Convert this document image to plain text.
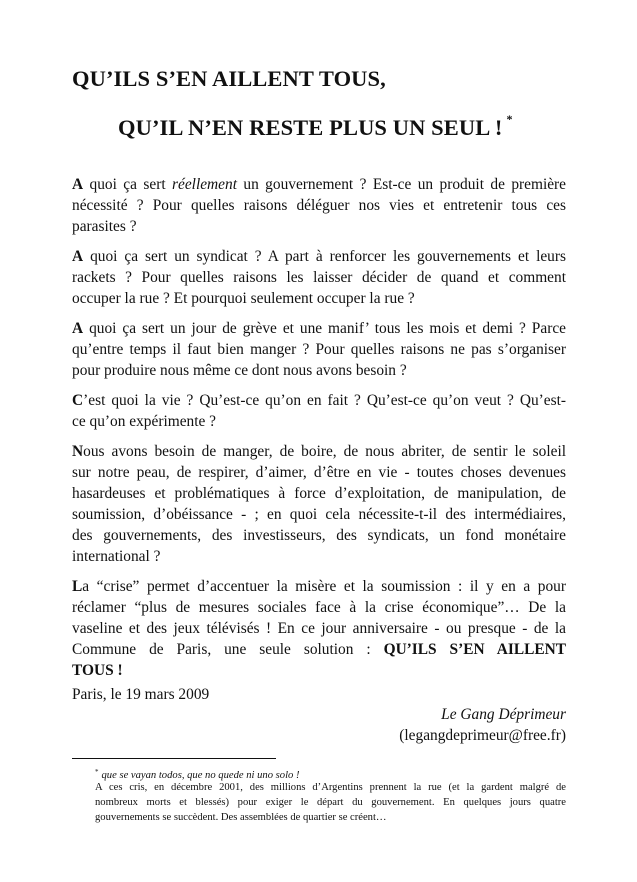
QU’ILS S’EN AILLENT TOUS,
QU’IL N’EN RESTE PLUS UN SEUL ! *
A quoi ça sert réellement un gouvernement ? Est-ce un produit de première
nécessité ? Pour quelles raisons déléguer nos vies et entretenir tous ces
parasites ?
A quoi ça sert un syndicat ? A part à renforcer les gouvernements et leurs
rackets ? Pour quelles raisons les laisser décider de quand et comment
occuper la rue ? Et pourquoi seulement occuper la rue ?
A quoi ça sert un jour de grève et une manif’ tous les mois et demi ? Parce
qu’entre temps il faut bien manger ? Pour quelles raisons ne pas s’organiser
pour produire nous même ce dont nous avons besoin ?
C’est quoi la vie ? Qu’est-ce qu’on en fait ? Qu’est-ce qu’on veut ? Qu’est-
ce qu’on expérimente ?
Nous avons besoin de manger, de boire, de nous abriter, de sentir le soleil
sur notre peau, de respirer, d’aimer, d’être en vie - toutes choses devenues
hasardeuses et problématiques à force d’exploitation, de manipulation, de
soumission, d’obéissance - ; en quoi cela nécessite-t-il des intermédiaires,
des gouvernements, des investisseurs, des syndicats, un fond monétaire
international ?
La “crise” permet d’accentuer la misère et la soumission : il y en a pour
réclamer “plus de mesures sociales face à la crise économique”… De la
vaseline et des jeux télévisés ! En ce jour anniversaire - ou presque - de la
Commune de Paris, une seule solution : QU’ILS S’EN AILLENT
TOUS !
Paris, le 19 mars 2009
Le Gang Déprimeur
(legangdeprimeur@free.fr)
* que se vayan todos, que no quede ni uno solo !
A ces cris, en décembre 2001, des millions d’Argentins prennent la rue (et la gardent malgré de
nombreux morts et blessés) pour exiger le départ du gouvernement. En quelques jours quatre
gouvernements se succèdent. Des assemblées de quartier se créent…
